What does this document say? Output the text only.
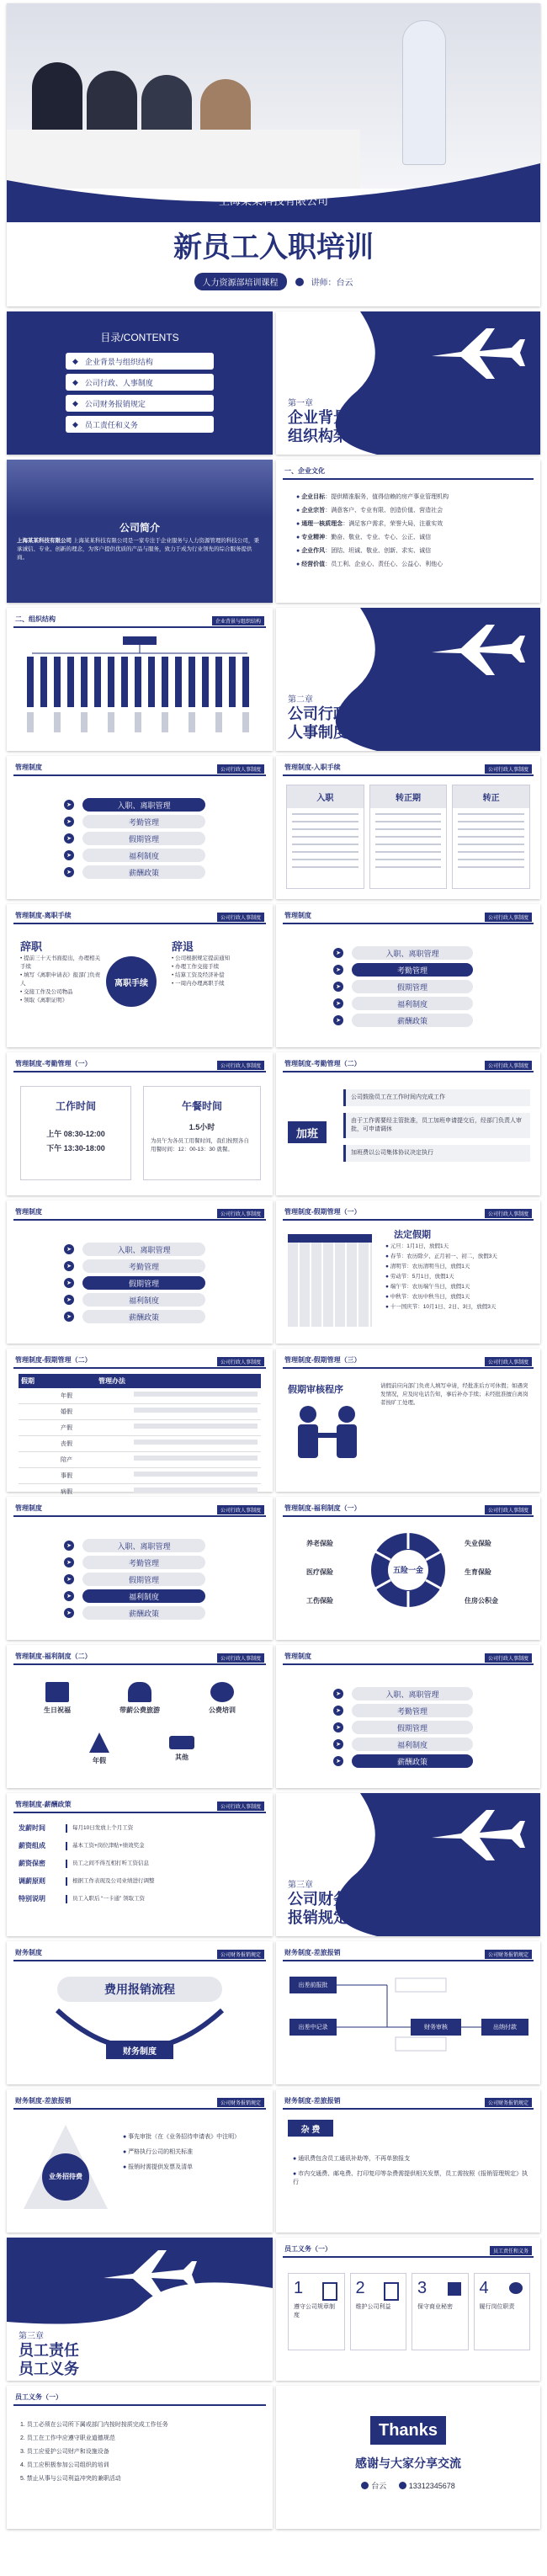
上海某某科技有限公司
新员工入职培训
人力资源部培训课程	讲师：台云
目录/CONTENTS
◆ 企业背景与组织结构
◆ 公司行政、人事制度
◆ 公司财务报销规定
◆ 员工责任和义务
第一章
企业背景
组织构架
公司简介
上海某某科技有限公司 上海某某科技有限公司是一家专注于企业服务与人力资源管理的科技公司，秉承诚信、专业、创新的理念，为客户提供优质的产品与服务，致力于成为行业领先的综合服务提供商。
一、企业文化
● 企业目标：提供精准服务，值得信赖的房产事业管理机构
● 企业宗旨：满意客户、专业有限、创造价值、营造社会
● 通理一核质理念：满足客户需求，荣誉大局，注重实效
● 专业精神：勤奋、敬业、专业、专心、公正、诚信
● 企业作风：团结、坦诚、敬业、创新、求实、诚信
● 经营价值：员工利、企业心、责任心、公益心、利他心
二、组织结构	企业背景与组织结构
第二章
公司行政
人事制度
管理制度	公司行政人事制度
➤	入职、离职管理
➤	考勤管理
➤	假期管理
➤	福利制度
➤	薪酬政策
管理制度-入职手续	公司行政人事制度
入职	转正期	转正
管理制度-离职手续	公司行政人事制度
辞职
• 提前三十天书面提出，办理相关手续
• 填写《离职申请表》报部门负责人
• 交接工作及公司物品
• 领取《离职证明》
离职手续
辞退
• 公司根据规定提前通知
• 办理工作交接手续
• 结算工资及经济补偿
• 一周内办理离职手续
管理制度	公司行政人事制度
➤	入职、离职管理
➤	考勤管理
➤	假期管理
➤	福利制度
➤	薪酬政策
管理制度-考勤管理（一）	公司行政人事制度
工作时间
上午 08:30-12:00
下午 13:30-18:00
午餐时间
1.5小时
为员午为各员工用餐时间，我们按照各自用餐时间：12：00-13：30 就餐。
管理制度-考勤管理（二）	公司行政人事制度
加班
公司鼓励员工在工作时间内完成工作
由于工作需要经主管批准，员工加班申请提交后，经部门负责人审批，可申请调休
加班费以公司集体协议决定执行
管理制度	公司行政人事制度
➤	入职、离职管理
➤	考勤管理
➤	假期管理
➤	福利制度
➤	薪酬政策
管理制度-假期管理（一）	公司行政人事制度
法定假期
● 元旦：1月1日，放假1天
● 春节：农历除夕、正月初一、初二，放假3天
● 清明节：农历清明当日，放假1天
● 劳动节：5月1日，放假1天
● 端午节：农历端午当日，放假1天
● 中秋节：农历中秋当日，放假1天
● 十一国庆节：10月1日、2日、3日，放假3天
管理制度-假期管理（二）	公司行政人事制度
假期	管理办法
年假
婚假
产假
丧假
陪产
事假
病假
管理制度-假期管理（三）	公司行政人事制度
假期审核程序	请假前应向部门负责人填写申请，经批准后方可休假；如遇突发情况，应及时电话告知，事后补办手续；未经批准擅自离岗者按旷工处理。
管理制度	公司行政人事制度
➤	入职、离职管理
➤	考勤管理
➤	假期管理
➤	福利制度
➤	薪酬政策
管理制度-福利制度（一）	公司行政人事制度
五险一金
养老保险	失业保险
医疗保险	生育保险
工伤保险	住房公积金
管理制度-福利制度（二）	公司行政人事制度
生日祝福	带薪公费旅游	公费培训
年假	其他
管理制度	公司行政人事制度
➤	入职、离职管理
➤	考勤管理
➤	假期管理
➤	福利制度
➤	薪酬政策
管理制度-薪酬政策	公司行政人事制度
发薪时间	每月10日发放上个月工资
薪资组成	基本工资+岗位津贴+绩效奖金
薪资保密	员工之间不得互相打听工资信息
调薪原则	根据工作表现及公司业绩进行调整
特别说明	员工入职后 “一卡通” 领取工资
第三章
公司财务
报销规定
财务制度	公司财务报销规定
费用报销流程
财务制度
财务制度-差旅报销	公司财务报销规定
出差前报批
出差中记录	财务审核	出纳付款
财务制度-差旅报销	公司财务报销规定
业务招待费
● 事先审批（在《业务招待申请表》中注明）
● 严格执行公司的相关标准
● 报销时需提供发票及清单
财务制度-差旅报销	公司财务报销规定
杂 费
● 通讯费包含员工通讯补助等，不再单独报支
● 市内交通费、邮电费、打印复印等杂费需提供相关发票，员工需按照《报销管理规定》执行
第三章
员工责任
员工义务
员工义务（一）	员工责任和义务
1
遵守公司规章制度
2
维护公司利益
3
保守商业秘密
4
履行岗位职责
员工义务（一）
1. 员工必须在公司所下属或部门内按时按质完成工作任务
2. 员工在工作中应遵守职业道德规范
3. 员工应爱护公司财产和设施设备
4. 员工应积极参加公司组织的培训
5. 禁止从事与公司利益冲突的兼职活动
Thanks
感谢与大家分享交流
台云	13312345678
